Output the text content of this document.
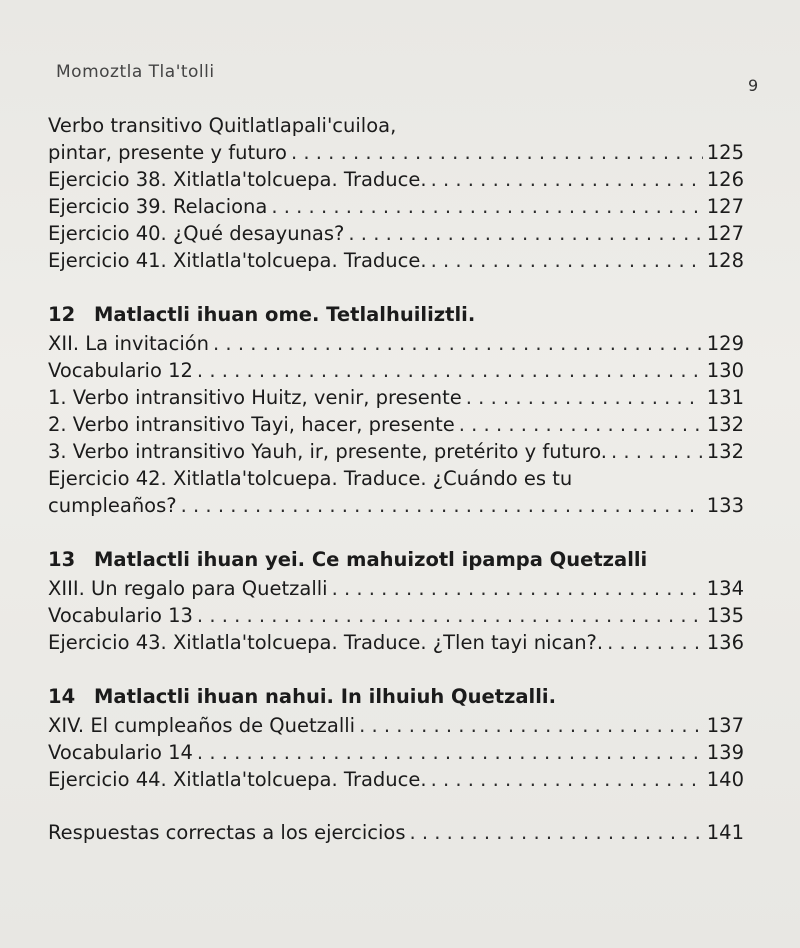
Momoztla Tla'tolli
9
Verbo transitivo Quitlatlapali'cuiloa,
pintar, presente y futuro . . .	125
Ejercicio 38. Xitlatla'tolcuepa. Traduce. . . .	126
Ejercicio 39. Relaciona . . .	127
Ejercicio 40. ¿Qué desayunas? . . .	127
Ejercicio 41. Xitlatla'tolcuepa. Traduce. . . .	128
12 Matlactli ihuan ome. Tetlalhuiliztli.
XII. La invitación . . .	129
Vocabulario 12 . . .	130
1. Verbo intransitivo Huitz, venir, presente . . .	131
2. Verbo intransitivo Tayi, hacer, presente . . .	132
3. Verbo intransitivo Yauh, ir, presente, pretérito y futuro. . . .	132
Ejercicio 42. Xitlatla'tolcuepa. Traduce. ¿Cuándo es tu
cumpleaños? . . .	133
13 Matlactli ihuan yei. Ce mahuizotl ipampa Quetzalli
XIII. Un regalo para Quetzalli . . .	134
Vocabulario 13 . . .	135
Ejercicio 43. Xitlatla'tolcuepa. Traduce. ¿Tlen tayi nican?. . . .	136
14 Matlactli ihuan nahui. In ilhuiuh Quetzalli.
XIV. El cumpleaños de Quetzalli . . .	137
Vocabulario 14 . . .	139
Ejercicio 44. Xitlatla'tolcuepa. Traduce. . . .	140
Respuestas correctas a los ejercicios . . .	141
